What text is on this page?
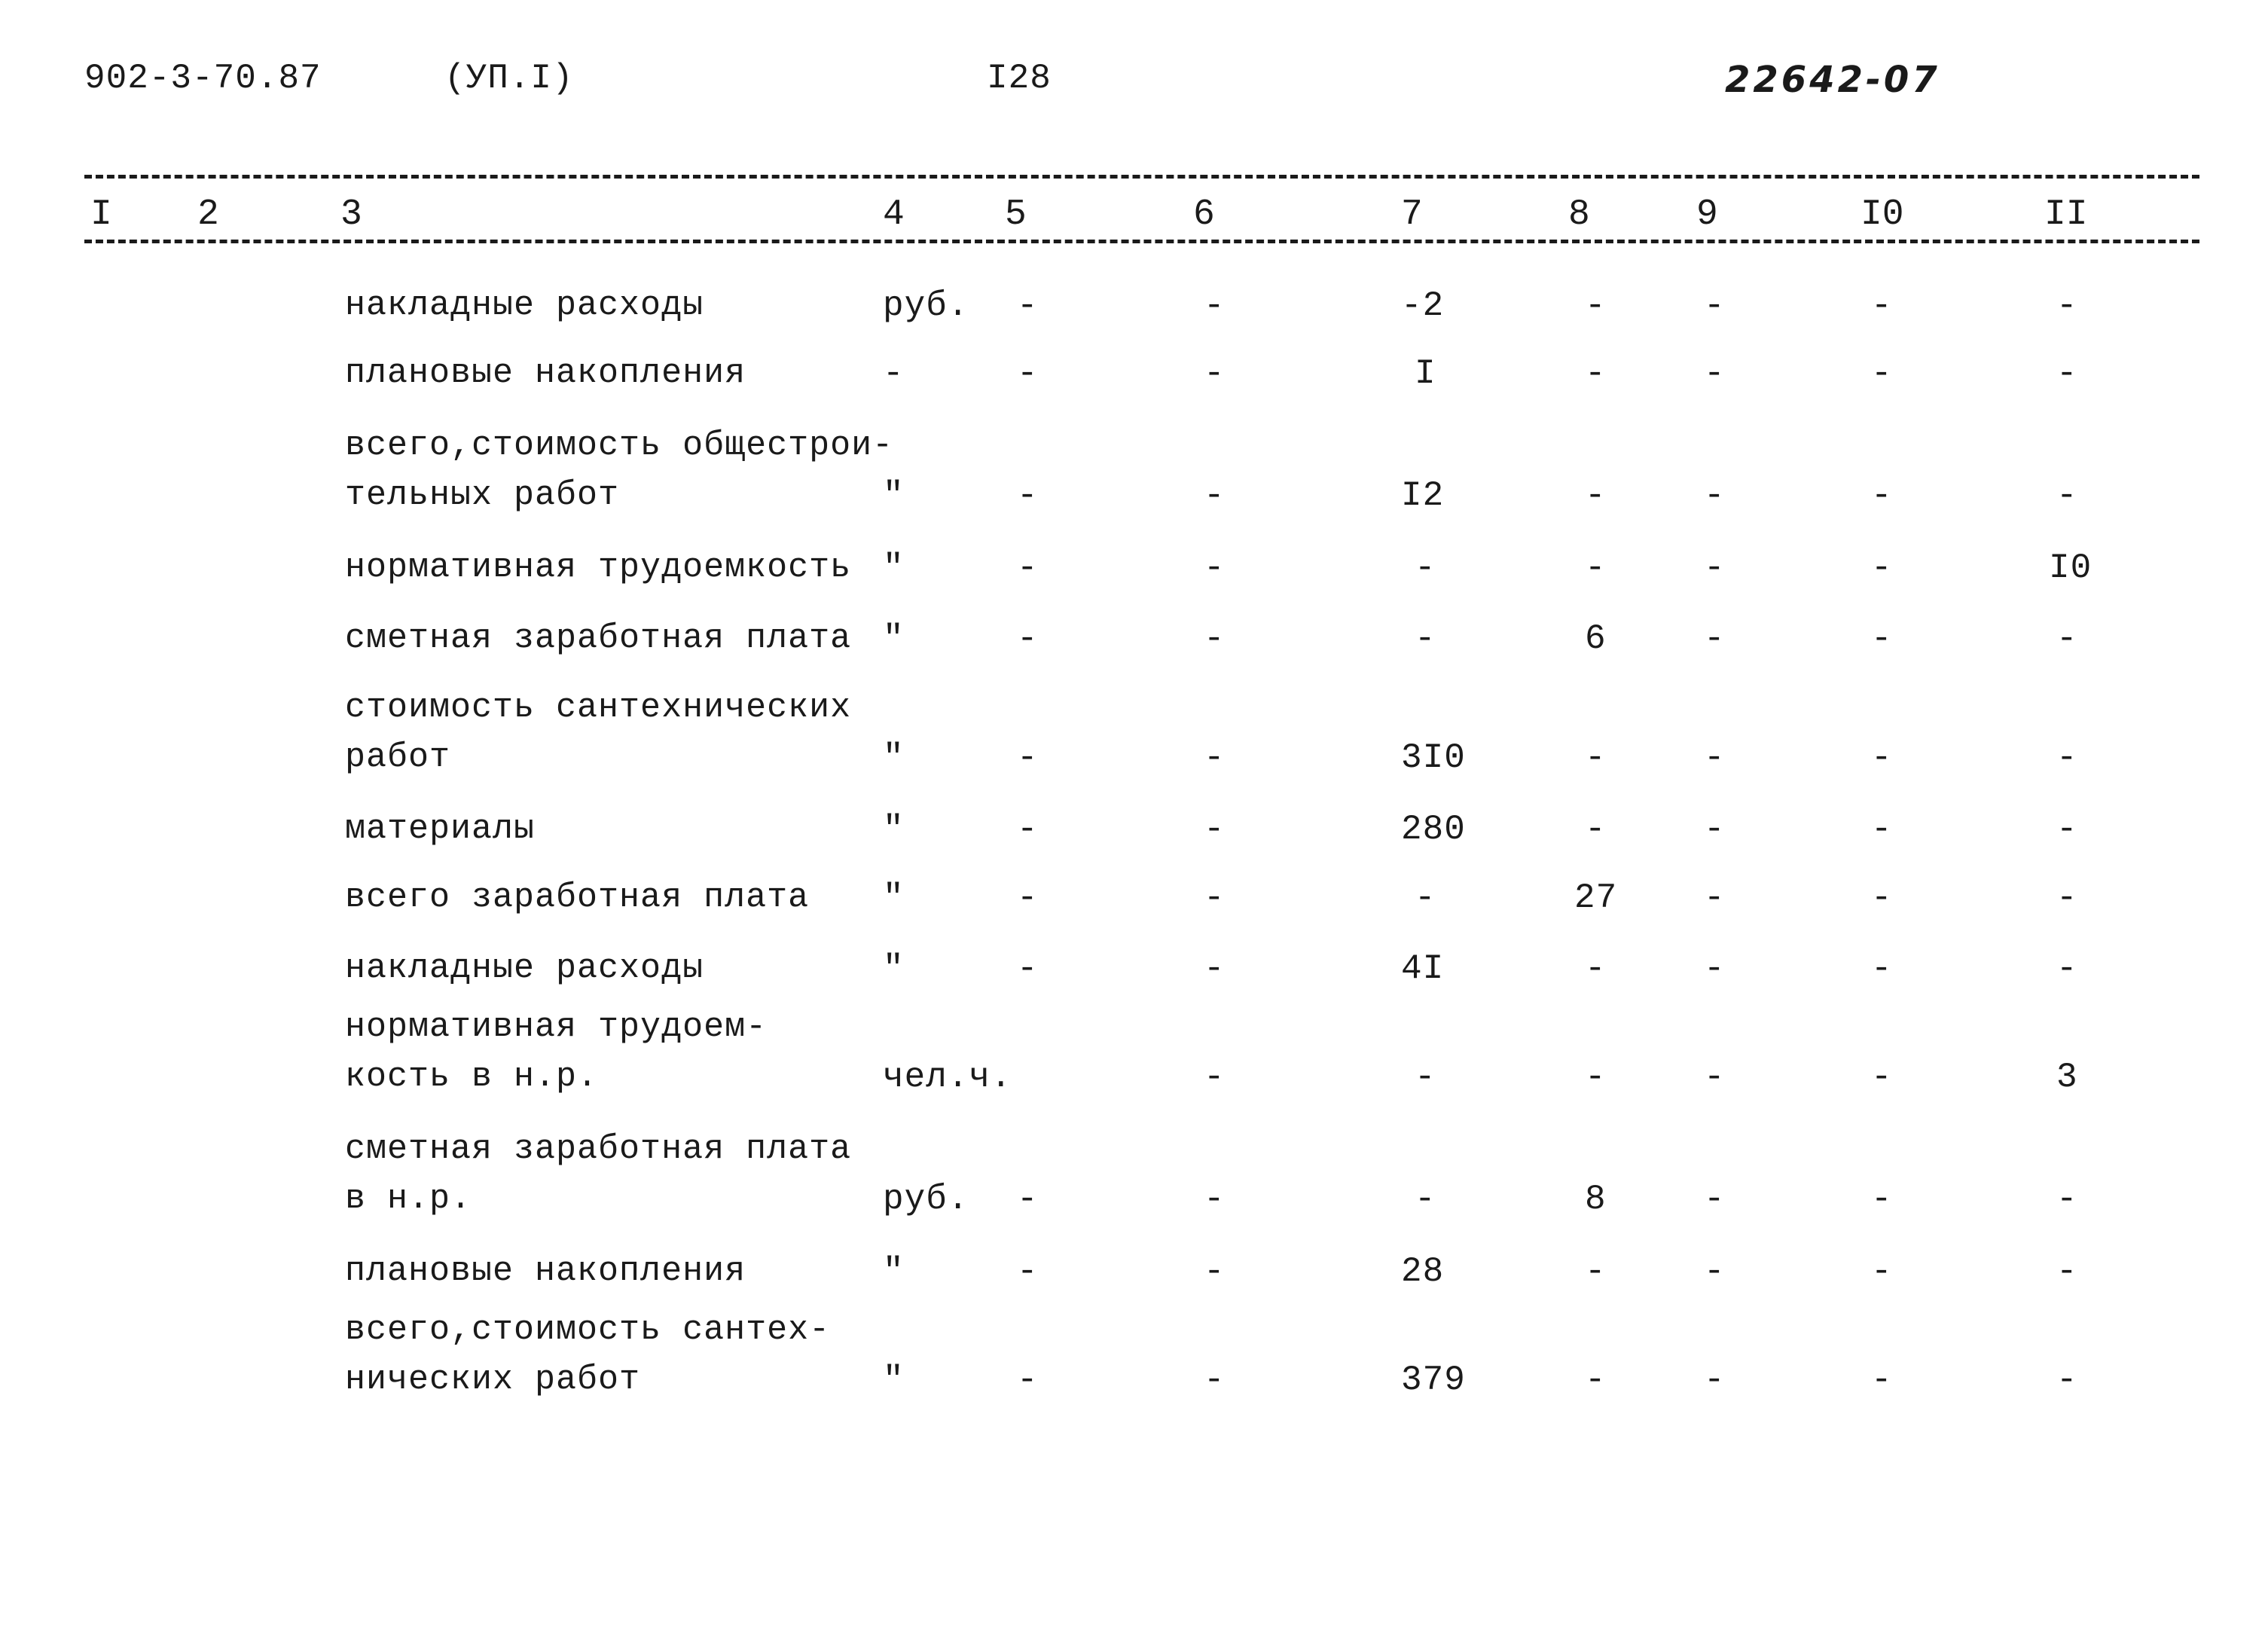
902-3-70.87	(УП.I)	I28	22642-07
I 2	3	4	5	6	7	8	9	I0	II
накладные расходы	руб. -	-	-2	-	-	-	-
плановые накопления	-	-	-	I	-	-	-	-
всего,стоимость общестрои-
тельных работ	"	-	-	I2	-	-	-	-
нормативная трудоемкость "	-	-	-	-	-	-	I0
сметная заработная плата "	-	-	-	6	-	-	-
стоимость сантехнических
работ	"	-	-	3I0	-	-	-	-
материалы	"	-	-	280	-	-	-	-
всего заработная плата "	-	-	-	27 -	-	-
накладные расходы	"	-	-	4I	-	-	-	-
нормативная трудоем-
кость в н.р.	чел.ч.	-	-	-	-	-	3
сметная заработная плата
в н.р.	руб. -	-	-	8	-	-	-
плановые накопления	"	-	-	28	-	-	-	-
всего,стоимость сантех-
нических работ	"	-	-	379	-	-	-	-
